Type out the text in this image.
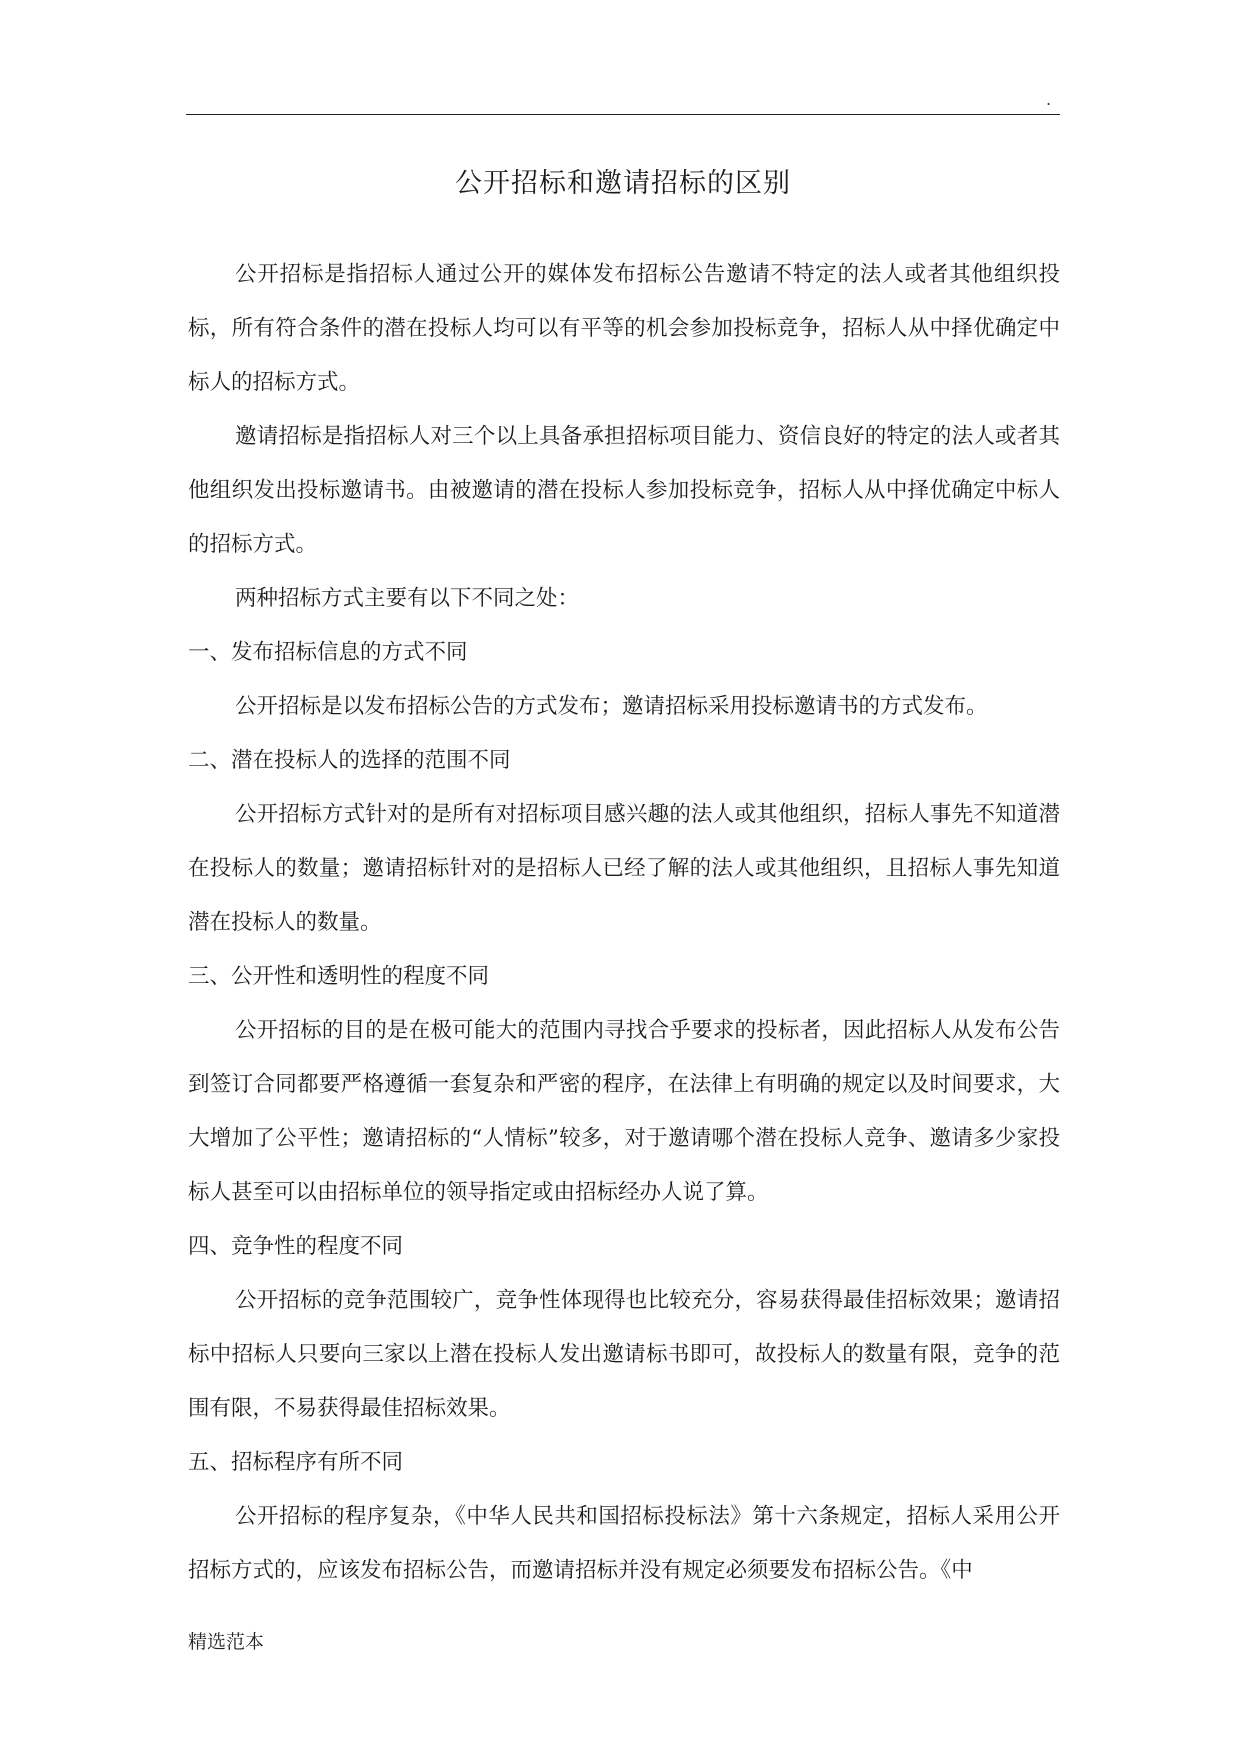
.
公开招标和邀请招标的区别

公开招标是指招标人通过公开的媒体发布招标公告邀请不特定的法人或者其他组织投标，所有符合条件的潜在投标人均可以有平等的机会参加投标竞争，招标人从中择优确定中标人的招标方式。

邀请招标是指招标人对三个以上具备承担招标项目能力、资信良好的特定的法人或者其他组织发出投标邀请书。由被邀请的潜在投标人参加投标竞争，招标人从中择优确定中标人的招标方式。

两种招标方式主要有以下不同之处：

一、发布招标信息的方式不同

公开招标是以发布招标公告的方式发布；邀请招标采用投标邀请书的方式发布。

二、潜在投标人的选择的范围不同

公开招标方式针对的是所有对招标项目感兴趣的法人或其他组织，招标人事先不知道潜在投标人的数量；邀请招标针对的是招标人已经了解的法人或其他组织，且招标人事先知道潜在投标人的数量。

三、公开性和透明性的程度不同

公开招标的目的是在极可能大的范围内寻找合乎要求的投标者，因此招标人从发布公告到签订合同都要严格遵循一套复杂和严密的程序，在法律上有明确的规定以及时间要求，大大增加了公平性；邀请招标的“人情标”较多，对于邀请哪个潜在投标人竞争、邀请多少家投标人甚至可以由招标单位的领导指定或由招标经办人说了算。

四、竞争性的程度不同

公开招标的竞争范围较广，竞争性体现得也比较充分，容易获得最佳招标效果；邀请招标中招标人只要向三家以上潜在投标人发出邀请标书即可，故投标人的数量有限，竞争的范围有限，不易获得最佳招标效果。

五、招标程序有所不同

公开招标的程序复杂，《中华人民共和国招标投标法》第十六条规定，招标人采用公开招标方式的，应该发布招标公告，而邀请招标并没有规定必须要发布招标公告。《中

精选范本
